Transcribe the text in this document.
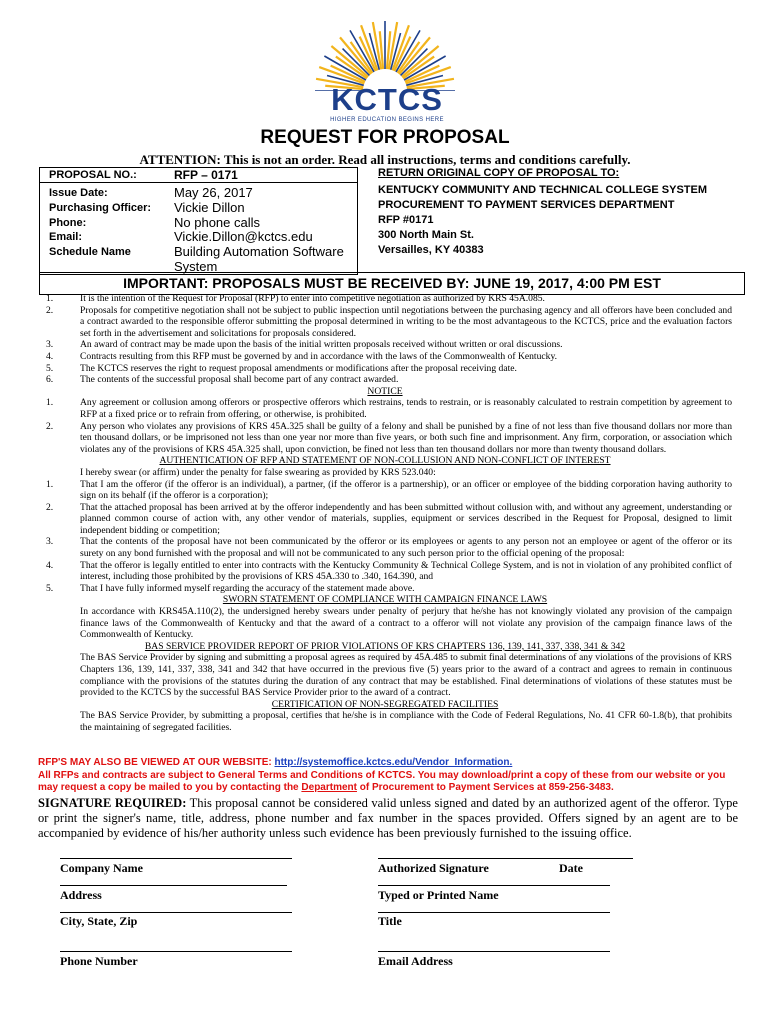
KCTCS
HIGHER EDUCATION BEGINS HERE
REQUEST FOR PROPOSAL
ATTENTION: This is not an order. Read all instructions, terms and conditions carefully.
PROPOSAL NO.:	RFP – 0171
Issue Date:	May 26, 2017
Purchasing Officer: Vickie Dillon
Phone:	No phone calls
Email:	Vickie.Dillon@kctcs.edu
Schedule Name	Building Automation Software
System
RETURN ORIGINAL COPY OF PROPOSAL TO:
KENTUCKY COMMUNITY AND TECHNICAL COLLEGE SYSTEM
PROCUREMENT TO PAYMENT SERVICES DEPARTMENT
RFP #0171
300 North Main St.
Versailles, KY 40383
IMPORTANT: PROPOSALS MUST BE RECEIVED BY: JUNE 19, 2017, 4:00 PM EST
1.	It is the intention of the Request for Proposal (RFP) to enter into competitive negotiation as authorized by KRS 45A.085.
2.	Proposals for competitive negotiation shall not be subject to public inspection until negotiations between the purchasing agency and all offerors have been concluded and a contract awarded to the responsible offeror submitting the proposal determined in writing to be the most advantageous to the KCTCS, price and the evaluation factors set forth in the advertisement and solicitations for proposals considered.
3.	An award of contract may be made upon the basis of the initial written proposals received without written or oral discussions.
4.	Contracts resulting from this RFP must be governed by and in accordance with the laws of the Commonwealth of Kentucky.
5.	The KCTCS reserves the right to request proposal amendments or modifications after the proposal receiving date.
6.	The contents of the successful proposal shall become part of any contract awarded.
NOTICE
1.	Any agreement or collusion among offerors or prospective offerors which restrains, tends to restrain, or is reasonably calculated to restrain competition by agreement to RFP at a fixed price or to refrain from offering, or otherwise, is prohibited.
2.	Any person who violates any provisions of KRS 45A.325 shall be guilty of a felony and shall be punished by a fine of not less than five thousand dollars nor more than ten thousand dollars, or be imprisoned not less than one year nor more than five years, or both such fine and imprisonment. Any firm, corporation, or association which violates any of the provisions of KRS 45A.325 shall, upon conviction, be fined not less than ten thousand dollars nor more than twenty thousand dollars.
AUTHENTICATION OF RFP AND STATEMENT OF NON-COLLUSION AND NON-CONFLICT OF INTEREST
I hereby swear (or affirm) under the penalty for false swearing as provided by KRS 523.040:
1.	That I am the offeror (if the offeror is an individual), a partner, (if the offeror is a partnership), or an officer or employee of the bidding corporation having authority to sign on its behalf (if the offeror is a corporation);
2.	That the attached proposal has been arrived at by the offeror independently and has been submitted without collusion with, and without any agreement, understanding or planned common course of action with, any other vendor of materials, supplies, equipment or services described in the Request for Proposal, designed to limit independent bidding or competition;
3.	That the contents of the proposal have not been communicated by the offeror or its employees or agents to any person not an employee or agent of the offeror or its surety on any bond furnished with the proposal and will not be communicated to any such person prior to the official opening of the proposal:
4.	That the offeror is legally entitled to enter into contracts with the Kentucky Community & Technical College System, and is not in violation of any prohibited conflict of interest, including those prohibited by the provisions of KRS 45A.330 to .340, 164.390, and
5.	That I have fully informed myself regarding the accuracy of the statement made above.
SWORN STATEMENT OF COMPLIANCE WITH CAMPAIGN FINANCE LAWS
In accordance with KRS45A.110(2), the undersigned hereby swears under penalty of perjury that he/she has not knowingly violated any provision of the campaign finance laws of the Commonwealth of Kentucky and that the award of a contract to a offeror will not violate any provision of the campaign finance laws of the Commonwealth of Kentucky.
BAS SERVICE PROVIDER REPORT OF PRIOR VIOLATIONS OF KRS CHAPTERS 136, 139, 141, 337, 338, 341 & 342
The BAS Service Provider by signing and submitting a proposal agrees as required by 45A.485 to submit final determinations of any violations of the provisions of KRS Chapters 136, 139, 141, 337, 338, 341 and 342 that have occurred in the previous five (5) years prior to the award of a contract and agrees to remain in continuous compliance with the provisions of the statutes during the duration of any contract that may be established. Final determinations of violations of these statutes must be provided to the KCTCS by the successful BAS Service Provider prior to the award of a contract.
CERTIFICATION OF NON-SEGREGATED FACILITIES
The BAS Service Provider, by submitting a proposal, certifies that he/she is in compliance with the Code of Federal Regulations, No. 41 CFR 60-1.8(b), that prohibits the maintaining of segregated facilities.
RFP'S MAY ALSO BE VIEWED AT OUR WEBSITE: http://systemoffice.kctcs.edu/Vendor_Information.
All RFPs and contracts are subject to General Terms and Conditions of KCTCS. You may download/print a copy of these from our website or you
may request a copy be mailed to you by contacting the Department of Procurement to Payment Services at 859-256-3483.
SIGNATURE REQUIRED: This proposal cannot be considered valid unless signed and dated by an authorized agent of the offeror. Type or print the signer's name, title, address, phone number and fax number in the spaces provided. Offers signed by an agent are to be accompanied by evidence of his/her authority unless such evidence has been previously furnished to the issuing office.
Company Name	Authorized Signature	Date
Address	Typed or Printed Name
City, State, Zip	Title
Phone Number	Email Address
